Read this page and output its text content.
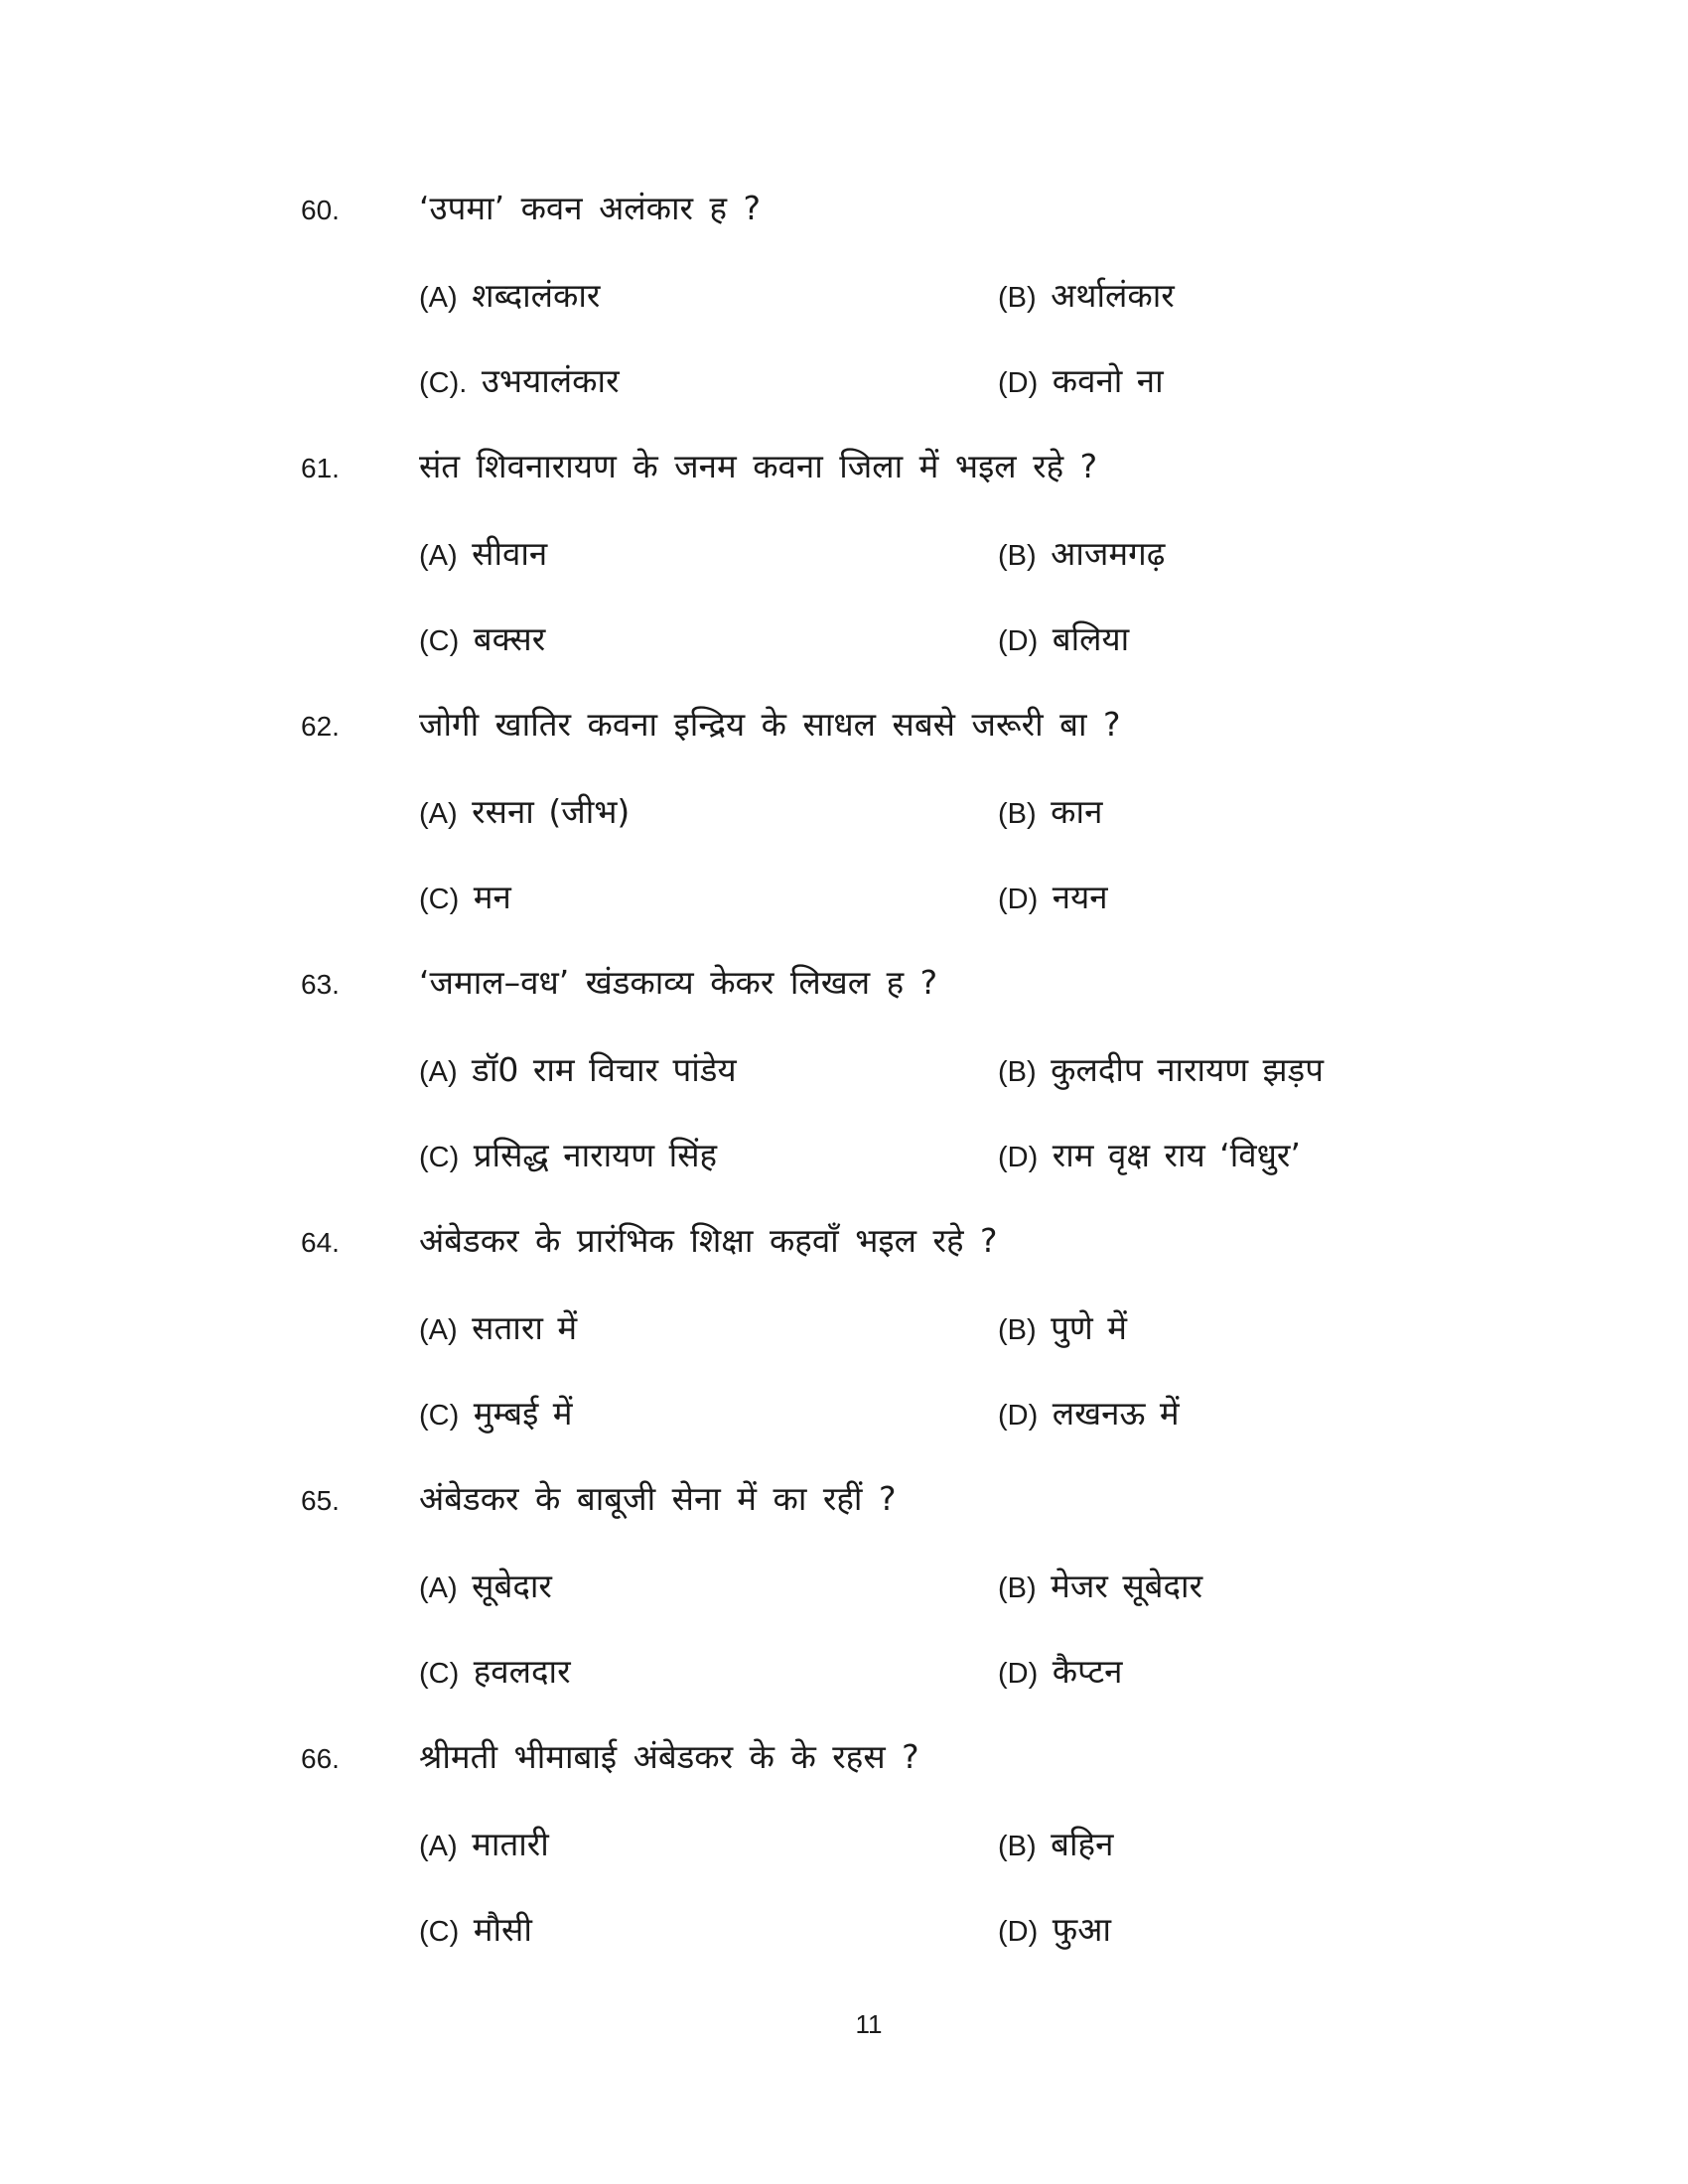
60. ‘उपमा’ कवन अलंकार ह ?
(A) शब्दालंकार	(B) अर्थालंकार
(C). उभयालंकार	(D) कवनो ना
61. संत शिवनारायण के जनम कवना जिला में भइल रहे ?
(A) सीवान	(B) आजमगढ़
(C) बक्सर	(D) बलिया
62. जोगी खातिर कवना इन्द्रिय के साधल सबसे जरूरी बा ?
(A) रसना (जीभ)	(B) कान
(C) मन	(D) नयन
63. ‘जमाल–वध’ खंडकाव्य केकर लिखल ह ?
(A) डॉ0 राम विचार पांडेय	(B) कुलदीप नारायण झड़प
(C) प्रसिद्ध नारायण सिंह	(D) राम वृक्ष राय ‘विधुर’
64. अंबेडकर के प्रारंभिक शिक्षा कहवाँ भइल रहे ?
(A) सतारा में	(B) पुणे में
(C) मुम्बई में	(D) लखनऊ में
65. अंबेडकर के बाबूजी सेना में का रहीं ?
(A) सूबेदार	(B) मेजर सूबेदार
(C) हवलदार	(D) कैप्टन
66. श्रीमती भीमाबाई अंबेडकर के के रहस ?
(A) मातारी	(B) बहिन
(C) मौसी	(D) फुआ
11
